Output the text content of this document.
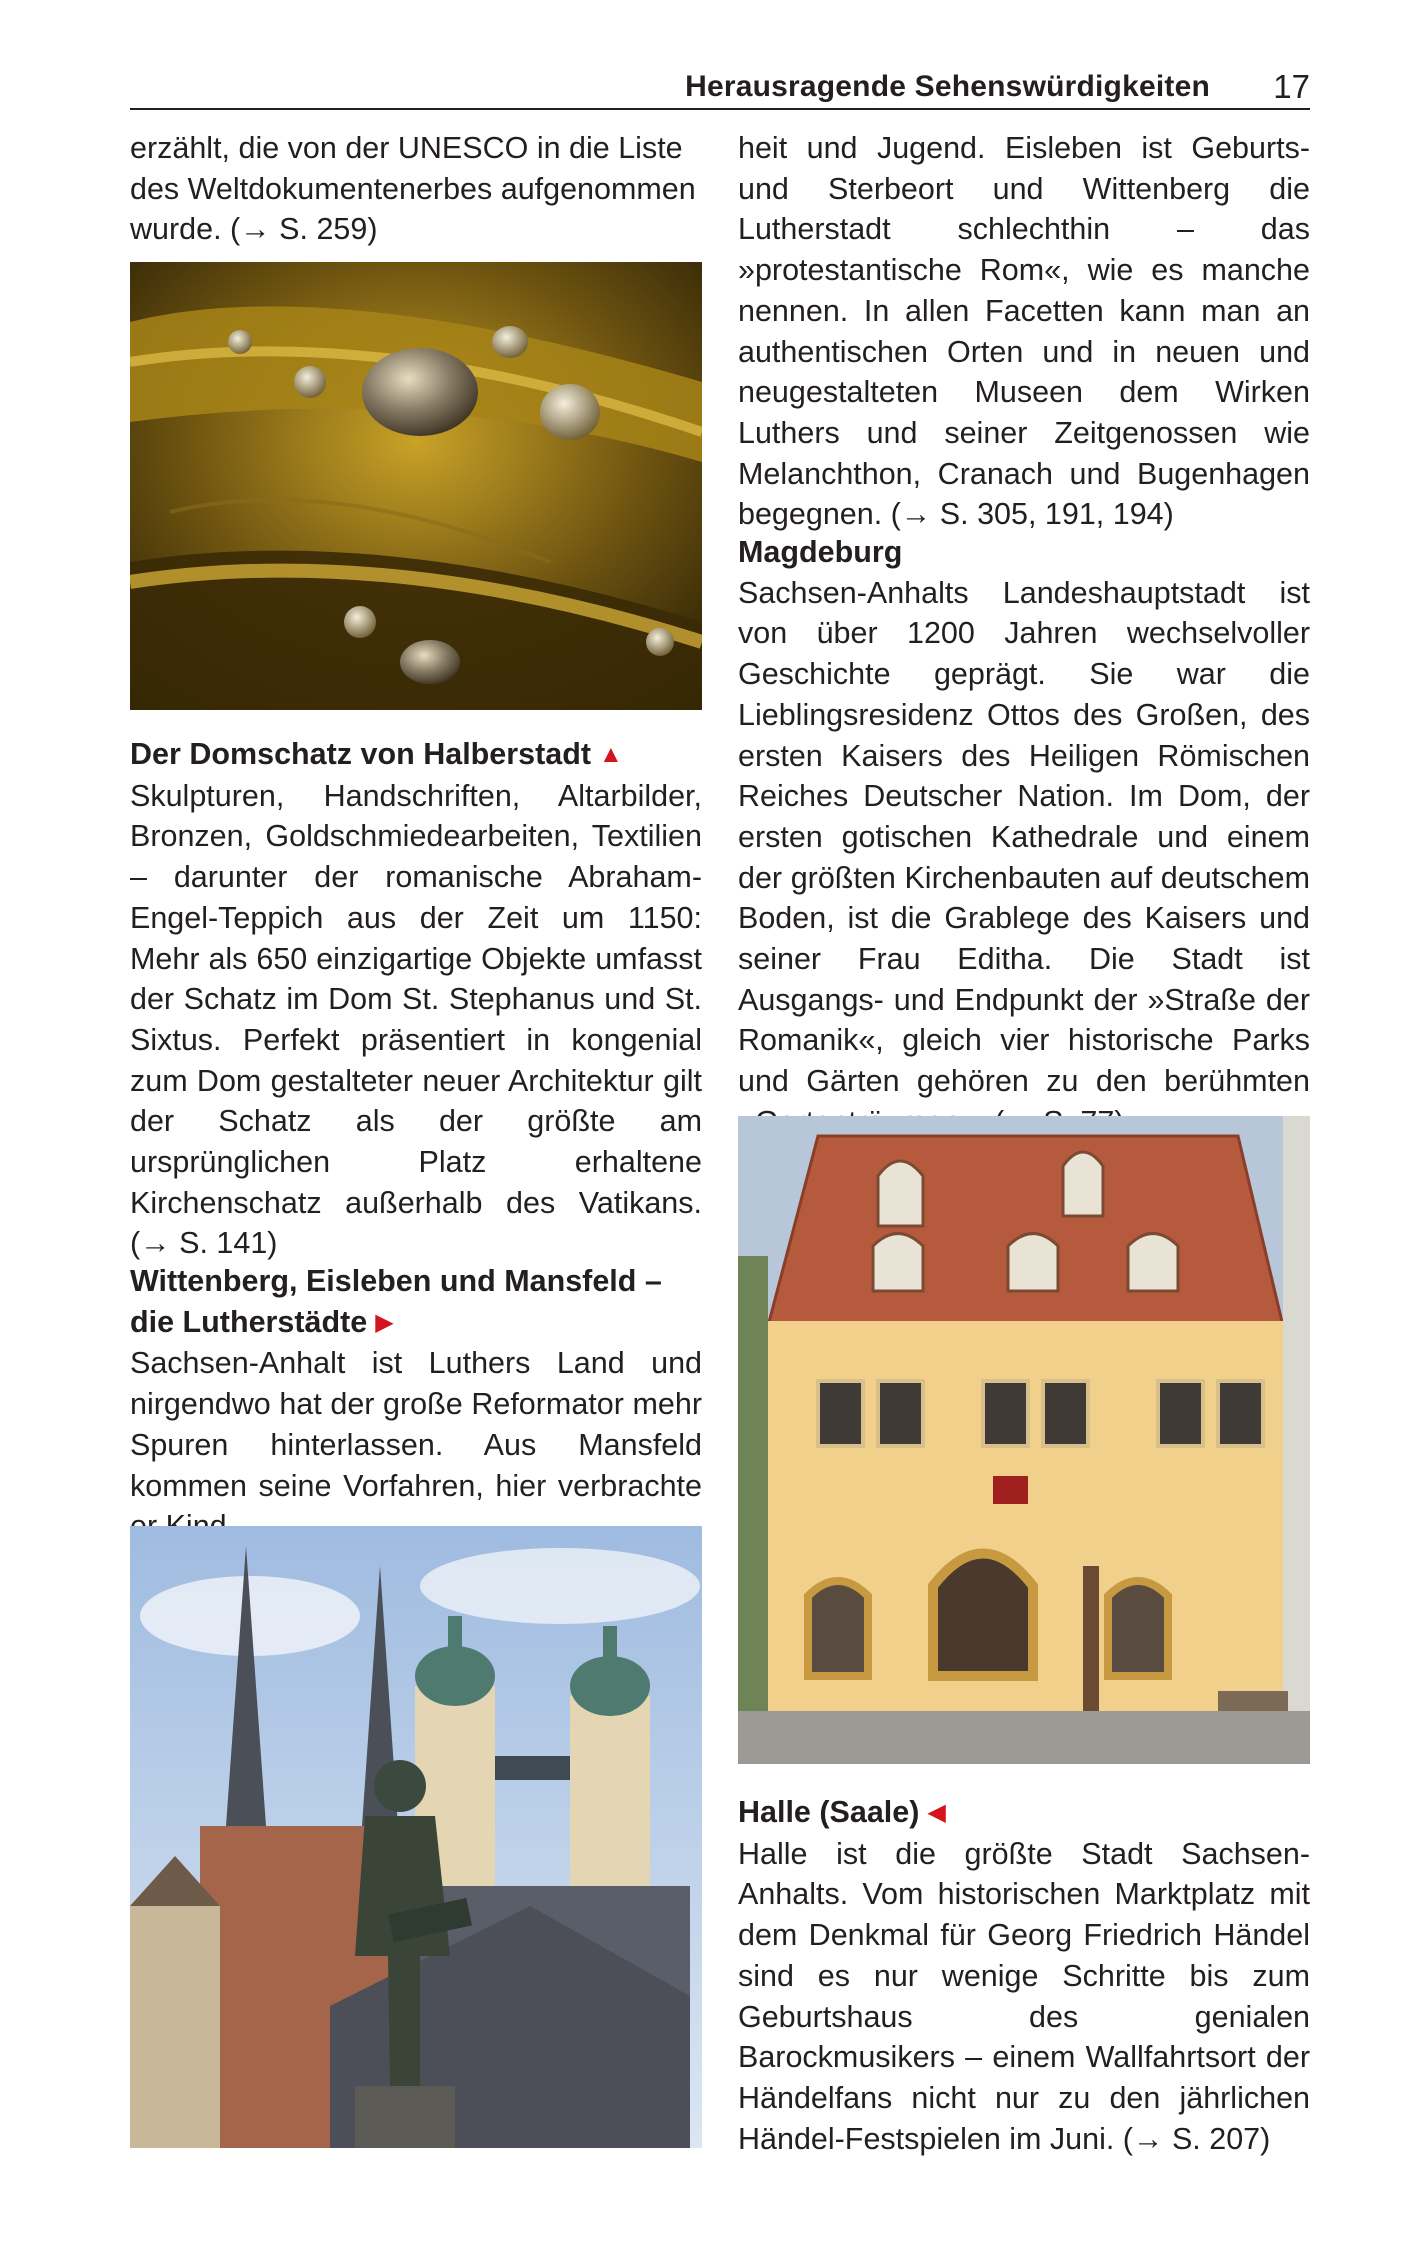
Herausragende Sehenswürdigkeiten 17

erzählt, die von der UNESCO in die Liste des Weltdokumentenerbes aufgenommen wurde. (→ S. 259)

Der Domschatz von Halberstadt ▲

Skulpturen, Handschriften, Altarbilder, Bronzen, Goldschmiedearbeiten, Textilien – darunter der romanische Abraham-Engel-Teppich aus der Zeit um 1150: Mehr als 650 einzigartige Objekte umfasst der Schatz im Dom St. Stephanus und St. Sixtus. Perfekt präsentiert in kongenial zum Dom gestalteter neuer Architektur gilt der Schatz als der größte am ursprünglichen Platz erhaltene Kirchenschatz außerhalb des Vatikans. (→ S. 141)

Wittenberg, Eisleben und Mansfeld –
die Lutherstädte ▶

Sachsen-Anhalt ist Luthers Land und nirgendwo hat der große Reformator mehr Spuren hinterlassen. Aus Mansfeld kommen seine Vorfahren, hier verbrachte

heit und Jugend. Eisleben ist Geburts- und Sterbeort und Wittenberg die Lutherstadt schlechthin – das »protestantische Rom«, wie es manche nennen. In allen Facetten kann man an authentischen Orten und in neuen und neugestalteten Museen dem Wirken Luthers und seiner Zeitgenossen wie Melanchthon, Cranach und Bugenhagen begegnen. (→ S. 305, 191, 194)

Magdeburg

Sachsen-Anhalts Landeshauptstadt ist von über 1200 Jahren wechselvoller Geschichte geprägt. Sie war die Lieblingsresidenz Ottos des Großen, des ersten Kaisers des Heiligen Römischen Reiches Deutscher Nation. Im Dom, der ersten gotischen Kathedrale und einem der größten Kirchenbauten auf deutschem Boden, ist die Grablege des Kaisers und seiner Frau Editha. Die Stadt ist Ausgangs- und Endpunkt der »Straße der Romanik«, gleich vier historische Parks und Gärten gehören zu den berühmten

Halle (Saale) ◀

Halle ist die größte Stadt Sachsen-Anhalts. Vom historischen Marktplatz mit dem Denkmal für Georg Friedrich Händel sind es nur wenige Schritte bis zum Geburtshaus des genialen Barockmusikers – einem Wallfahrtsort der Händelfans nicht nur zu den jährlichen Händel-Festspielen im Juni. (→ S. 207)
